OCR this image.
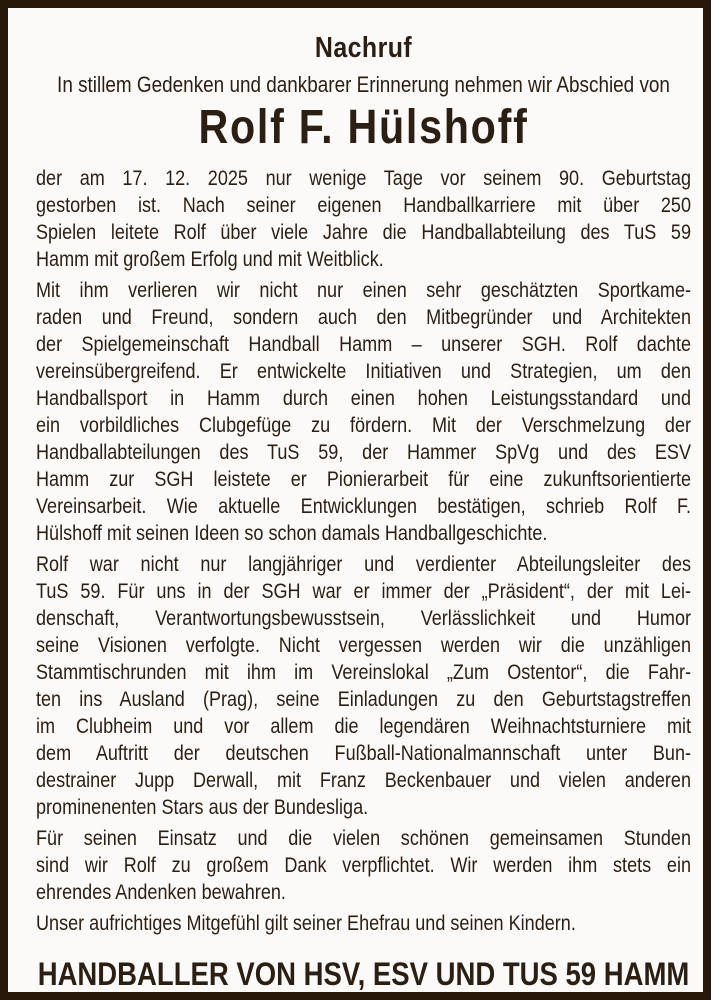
Nachruf
In stillem Gedenken und dankbarer Erinnerung nehmen wir Abschied von
Rolf F. Hülshoff
der am 17. 12. 2025 nur wenige Tage vor seinem 90. Geburtstag
gestorben ist. Nach seiner eigenen Handballkarriere mit über 250
Spielen leitete Rolf über viele Jahre die Handballabteilung des TuS 59
Hamm mit großem Erfolg und mit Weitblick.
Mit ihm verlieren wir nicht nur einen sehr geschätzten Sportkame-
raden und Freund, sondern auch den Mitbegründer und Architekten
der Spielgemeinschaft Handball Hamm – unserer SGH. Rolf dachte
vereinsübergreifend. Er entwickelte Initiativen und Strategien, um den
Handballsport in Hamm durch einen hohen Leistungsstandard und
ein vorbildliches Clubgefüge zu fördern. Mit der Verschmelzung der
Handballabteilungen des TuS 59, der Hammer SpVg und des ESV
Hamm zur SGH leistete er Pionierarbeit für eine zukunftsorientierte
Vereinsarbeit. Wie aktuelle Entwicklungen bestätigen, schrieb Rolf F.
Hülshoff mit seinen Ideen so schon damals Handballgeschichte.
Rolf war nicht nur langjähriger und verdienter Abteilungsleiter des
TuS 59. Für uns in der SGH war er immer der „Präsident“, der mit Lei-
denschaft, Verantwortungsbewusstsein, Verlässlichkeit und Humor
seine Visionen verfolgte. Nicht vergessen werden wir die unzähligen
Stammtischrunden mit ihm im Vereinslokal „Zum Ostentor“, die Fahr-
ten ins Ausland (Prag), seine Einladungen zu den Geburtstagstreffen
im Clubheim und vor allem die legendären Weihnachtsturniere mit
dem Auftritt der deutschen Fußball-Nationalmannschaft unter Bun-
destrainer Jupp Derwall, mit Franz Beckenbauer und vielen anderen
prominenenten Stars aus der Bundesliga.
Für seinen Einsatz und die vielen schönen gemeinsamen Stunden
sind wir Rolf zu großem Dank verpflichtet. Wir werden ihm stets ein
ehrendes Andenken bewahren.
Unser aufrichtiges Mitgefühl gilt seiner Ehefrau und seinen Kindern.
HANDBALLER VON HSV, ESV UND TUS 59 HAMM
